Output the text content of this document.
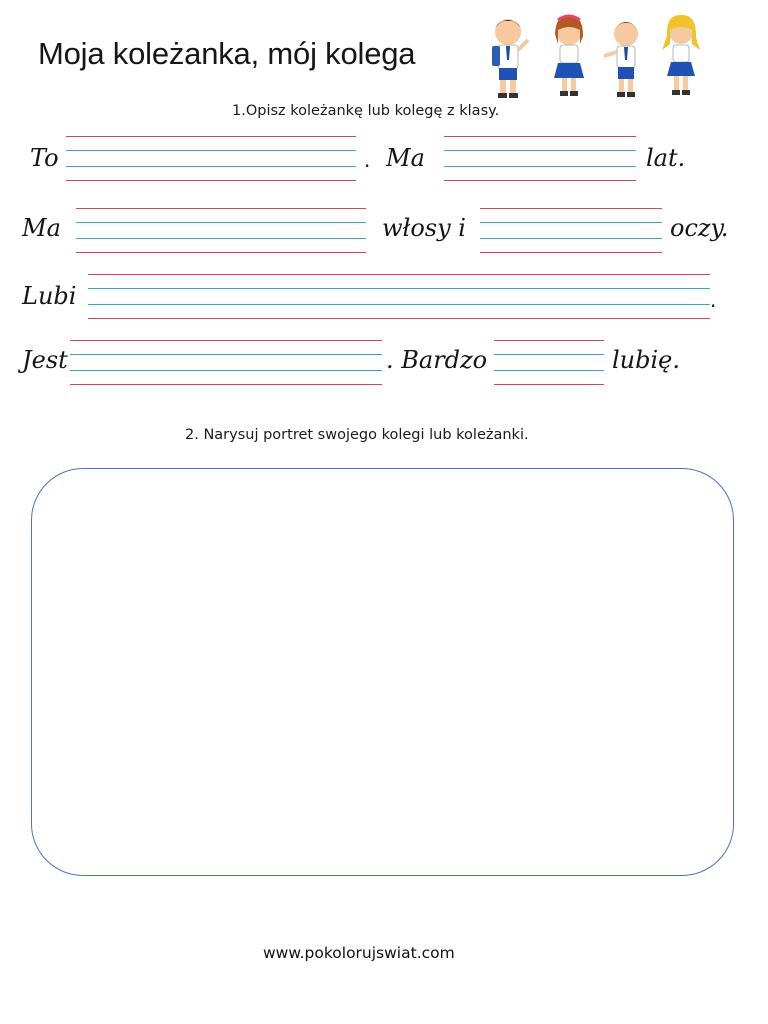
Moja koleżanka, mój kolega
1.Opisz koleżankę lub kolegę z klasy.
To	. Ma	lat.
Ma	włosy i	oczy.
Lubi	.
Jest	. Bardzo	lubię.
2. Narysuj portret swojego kolegi lub koleżanki.
www.pokolorujswiat.com
